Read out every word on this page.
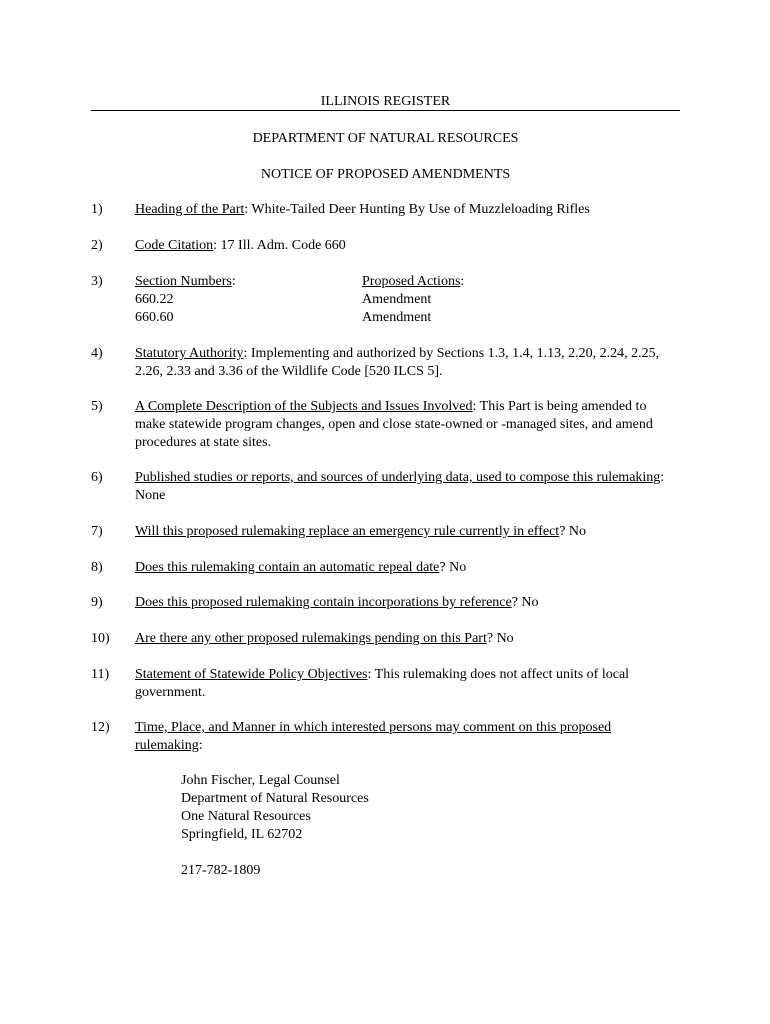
ILLINOIS REGISTER
DEPARTMENT OF NATURAL RESOURCES
NOTICE OF PROPOSED AMENDMENTS
1) Heading of the Part: White-Tailed Deer Hunting By Use of Muzzleloading Rifles
2) Code Citation: 17 Ill. Adm. Code 660
3) Section Numbers:
660.22
660.60
Proposed Actions:
Amendment
Amendment
4) Statutory Authority: Implementing and authorized by Sections 1.3, 1.4, 1.13, 2.20, 2.24, 2.25, 2.26, 2.33 and 3.36 of the Wildlife Code [520 ILCS 5].
5) A Complete Description of the Subjects and Issues Involved: This Part is being amended to make statewide program changes, open and close state-owned or -managed sites, and amend procedures at state sites.
6) Published studies or reports, and sources of underlying data, used to compose this rulemaking: None
7) Will this proposed rulemaking replace an emergency rule currently in effect? No
8) Does this rulemaking contain an automatic repeal date? No
9) Does this proposed rulemaking contain incorporations by reference? No
10) Are there any other proposed rulemakings pending on this Part? No
11) Statement of Statewide Policy Objectives: This rulemaking does not affect units of local government.
12) Time, Place, and Manner in which interested persons may comment on this proposed rulemaking:
John Fischer, Legal Counsel
Department of Natural Resources
One Natural Resources
Springfield, IL 62702
217-782-1809
